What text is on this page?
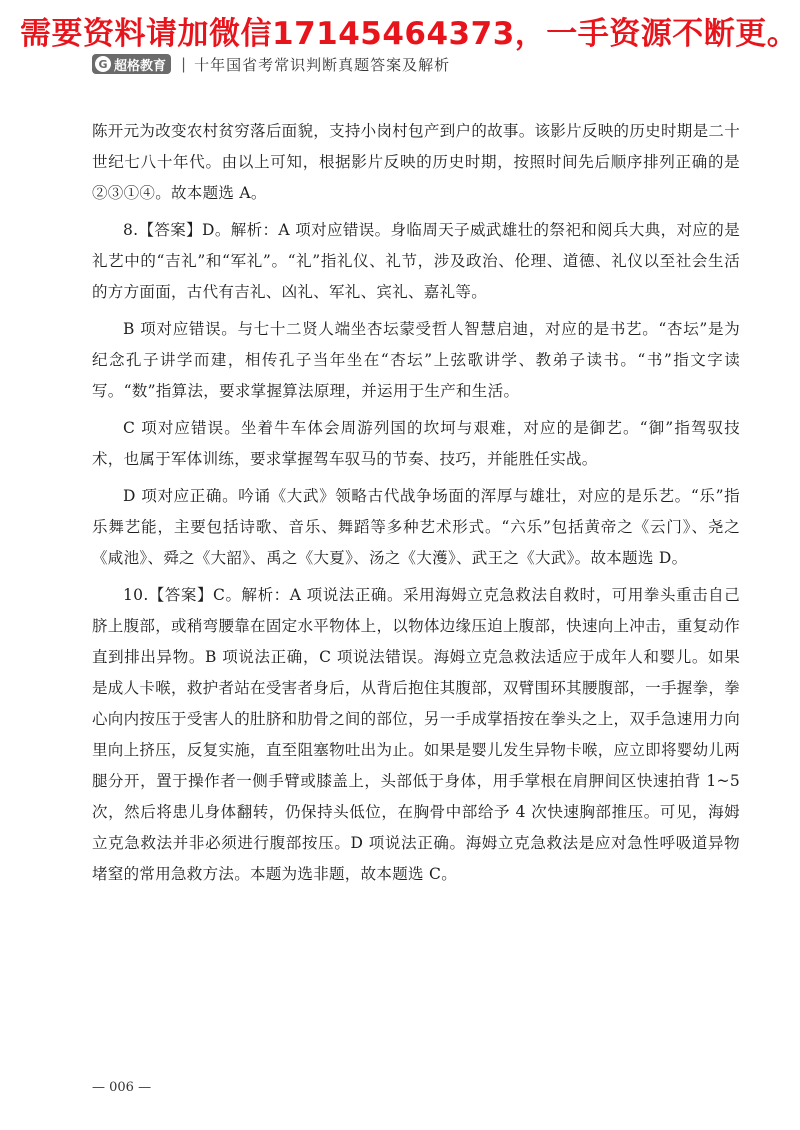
需要资料请加微信17145464373，一手资源不断更。
G 超格教育 | 十年国省考常识判断真题答案及解析

陈开元为改变农村贫穷落后面貌，支持小岗村包产到户的故事。该影片反映的历史时期是二十世纪七八十年代。由以上可知，根据影片反映的历史时期，按照时间先后顺序排列正确的是②③①④。故本题选 A。

8.【答案】D。解析：A 项对应错误。身临周天子威武雄壮的祭祀和阅兵大典，对应的是礼艺中的“吉礼”和“军礼”。“礼”指礼仪、礼节，涉及政治、伦理、道德、礼仪以至社会生活的方方面面，古代有吉礼、凶礼、军礼、宾礼、嘉礼等。

B 项对应错误。与七十二贤人端坐杏坛蒙受哲人智慧启迪，对应的是书艺。“杏坛”是为纪念孔子讲学而建，相传孔子当年坐在“杏坛”上弦歌讲学、教弟子读书。“书”指文字读写。“数”指算法，要求掌握算法原理，并运用于生产和生活。

C 项对应错误。坐着牛车体会周游列国的坎坷与艰难，对应的是御艺。“御”指驾驭技术，也属于军体训练，要求掌握驾车驭马的节奏、技巧，并能胜任实战。

D 项对应正确。吟诵《大武》领略古代战争场面的浑厚与雄壮，对应的是乐艺。“乐”指乐舞艺能，主要包括诗歌、音乐、舞蹈等多种艺术形式。“六乐”包括黄帝之《云门》、尧之《咸池》、舜之《大韶》、禹之《大夏》、汤之《大濩》、武王之《大武》。故本题选 D。

10.【答案】C。解析：A 项说法正确。采用海姆立克急救法自救时，可用拳头重击自己脐上腹部，或稍弯腰靠在固定水平物体上，以物体边缘压迫上腹部，快速向上冲击，重复动作直到排出异物。B 项说法正确，C 项说法错误。海姆立克急救法适应于成年人和婴儿。如果是成人卡喉，救护者站在受害者身后，从背后抱住其腹部，双臂围环其腰腹部，一手握拳，拳心向内按压于受害人的肚脐和肋骨之间的部位，另一手成掌捂按在拳头之上，双手急速用力向里向上挤压，反复实施，直至阻塞物吐出为止。如果是婴儿发生异物卡喉，应立即将婴幼儿两腿分开，置于操作者一侧手臂或膝盖上，头部低于身体，用手掌根在肩胛间区快速拍背 1~5 次，然后将患儿身体翻转，仍保持头低位，在胸骨中部给予 4 次快速胸部推压。可见，海姆立克急救法并非必须进行腹部按压。D 项说法正确。海姆立克急救法是应对急性呼吸道异物堵窒的常用急救方法。本题为选非题，故本题选 C。

— 006 —
